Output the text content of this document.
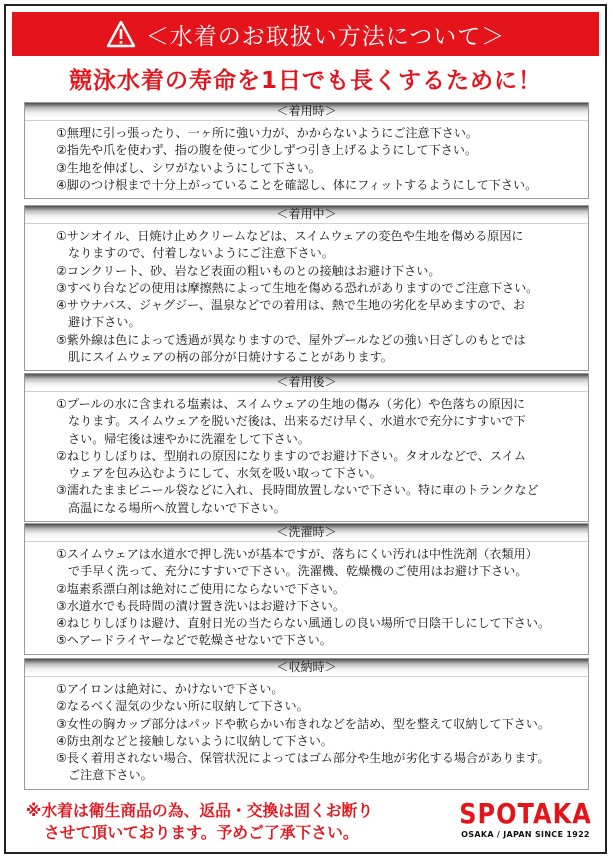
＜水着のお取扱い方法について＞
競泳水着の寿命を1日でも長くするために！
＜着用時＞
①無理に引っ張ったり、一ヶ所に強い力が、かからないようにご注意下さい。
②指先や爪を使わず、指の腹を使って少しずつ引き上げるようにして下さい。
③生地を伸ばし、シワがないようにして下さい。
④脚のつけ根まで十分上がっていることを確認し、体にフィットするようにして下さい。
＜着用中＞
①サンオイル、日焼け止めクリームなどは、スイムウェアの変色や生地を傷める原因に
なりますので、付着しないようにご注意下さい。
②コンクリート、砂、岩など表面の粗いものとの接触はお避け下さい。
③すべり台などの使用は摩擦熱によって生地を傷める恐れがありますのでご注意下さい。
④サウナバス、ジャグジー、温泉などでの着用は、熱で生地の劣化を早めますので、お
避け下さい。
⑤紫外線は色によって透過が異なりますので、屋外プールなどの強い日ざしのもとでは
肌にスイムウェアの柄の部分が日焼けすることがあります。
＜着用後＞
①プールの水に含まれる塩素は、スイムウェアの生地の傷み（劣化）や色落ちの原因に
なります。スイムウェアを脱いだ後は、出来るだけ早く、水道水で充分にすすいで下
さい。帰宅後は速やかに洗濯をして下さい。
②ねじりしぼりは、型崩れの原因になりますのでお避け下さい。タオルなどで、スイム
ウェアを包み込むようにして、水気を吸い取って下さい。
③濡れたままビニール袋などに入れ、長時間放置しないで下さい。特に車のトランクなど
高温になる場所へ放置しないで下さい。
＜洗濯時＞
①スイムウェアは水道水で押し洗いが基本ですが、落ちにくい汚れは中性洗剤（衣類用）
で手早く洗って、充分にすすいで下さい。洗濯機、乾燥機のご使用はお避け下さい。
②塩素系漂白剤は絶対にご使用にならないで下さい。
③水道水でも長時間の漬け置き洗いはお避け下さい。
④ねじりしぼりは避け、直射日光の当たらない風通しの良い場所で日陰干しにして下さい。
⑤ヘアードライヤーなどで乾燥させないで下さい。
＜収納時＞
①アイロンは絶対に、かけないで下さい。
②なるべく湿気の少ない所に収納して下さい。
③女性の胸カップ部分はパッドや軟らかい布きれなどを詰め、型を整えて収納して下さい。
④防虫剤などと接触しないように収納して下さい。
⑤長く着用されない場合、保管状況によってはゴム部分や生地が劣化する場合があります。
ご注意下さい。
※水着は衛生商品の為、返品・交換は固くお断り
させて頂いております。予めご了承下さい。
SPOTAKA
OSAKA / JAPAN SINCE 1922
